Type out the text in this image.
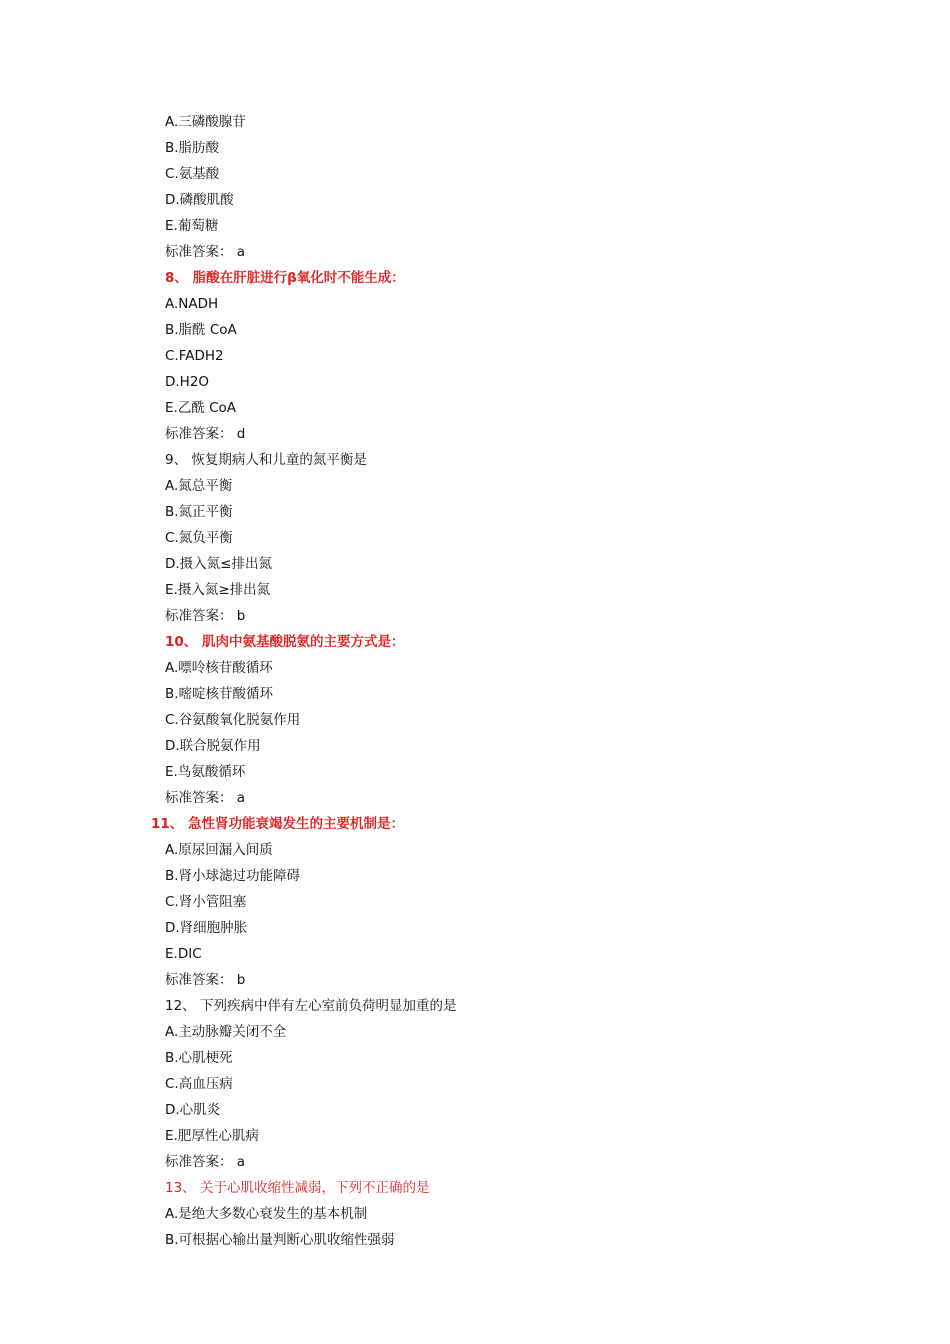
A.三磷酸腺苷
B.脂肪酸
C.氨基酸
D.磷酸肌酸
E.葡萄糖
标准答案： a
8、 脂酸在肝脏进行β氧化时不能生成：
A.NADH
B.脂酰 CoA
C.FADH2
D.H2O
E.乙酰 CoA
标准答案： d
9、 恢复期病人和儿童的氮平衡是
A.氮总平衡
B.氮正平衡
C.氮负平衡
D.摄入氮≤排出氮
E.摄入氮≥排出氮
标准答案： b
10、 肌肉中氨基酸脱氨的主要方式是：
A.嘌呤核苷酸循环
B.嘧啶核苷酸循环
C.谷氨酸氧化脱氨作用
D.联合脱氨作用
E.鸟氨酸循环
标准答案： a
11、 急性肾功能衰竭发生的主要机制是：
A.原尿回漏入间质
B.肾小球滤过功能障碍
C.肾小管阻塞
D.肾细胞肿胀
E.DIC
标准答案： b
12、 下列疾病中伴有左心室前负荷明显加重的是
A.主动脉瓣关闭不全
B.心肌梗死
C.高血压病
D.心肌炎
E.肥厚性心肌病
标准答案： a
13、 关于心肌收缩性减弱，下列不正确的是
A.是绝大多数心衰发生的基本机制
B.可根据心输出量判断心肌收缩性强弱
